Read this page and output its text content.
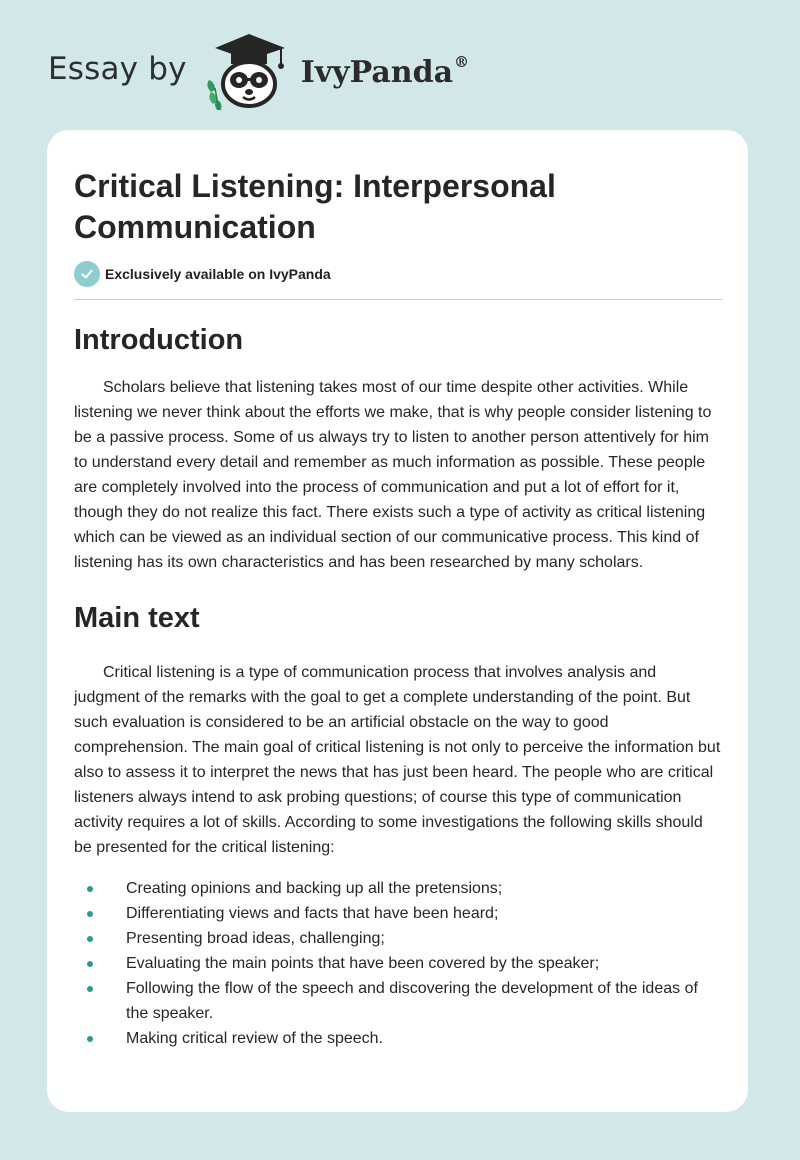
Essay by	IvyPanda®
Critical Listening: Interpersonal Communication
Exclusively available on IvyPanda
Introduction

Scholars believe that listening takes most of our time despite other activities. While listening we never think about the efforts we make, that is why people consider listening to be a passive process. Some of us always try to listen to another person attentively for him to understand every detail and remember as much information as possible. These people are completely involved into the process of communication and put a lot of effort for it, though they do not realize this fact. There exists such a type of activity as critical listening which can be viewed as an individual section of our communicative process. This kind of listening has its own characteristics and has been researched by many scholars.

Main text

Critical listening is a type of communication process that involves analysis and judgment of the remarks with the goal to get a complete understanding of the point. But such evaluation is considered to be an artificial obstacle on the way to good comprehension. The main goal of critical listening is not only to perceive the information but also to assess it to interpret the news that has just been heard. The people who are critical listeners always intend to ask probing questions; of course this type of communication activity requires a lot of skills. According to some investigations the following skills should be presented for the critical listening:

Creating opinions and backing up all the pretensions;
Differentiating views and facts that have been heard;
Presenting broad ideas, challenging;
Evaluating the main points that have been covered by the speaker;
Following the flow of the speech and discovering the development of the ideas of the speaker.
Making critical review of the speech.
